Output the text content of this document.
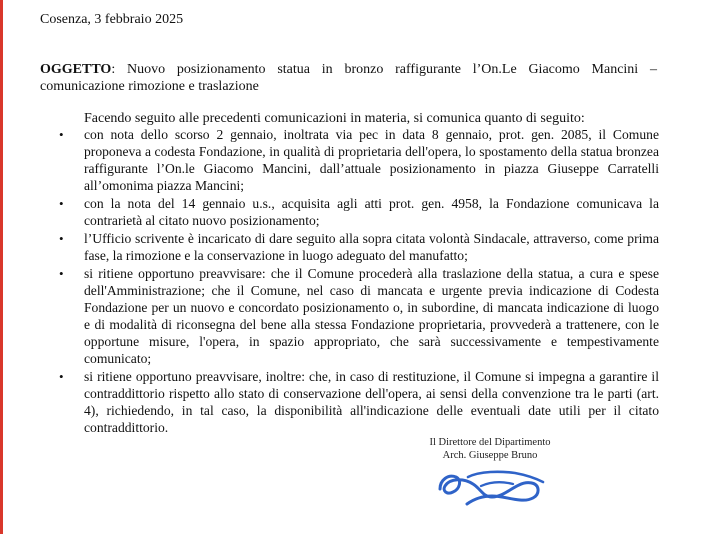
Cosenza, 3 febbraio 2025
OGGETTO: Nuovo posizionamento statua in bronzo raffigurante l’On.Le Giacomo Mancini –
comunicazione rimozione e traslazione
Facendo seguito alle precedenti comunicazioni in materia, si comunica quanto di seguito:
•	con nota dello scorso 2 gennaio, inoltrata via pec in data 8 gennaio, prot. gen. 2085, il Comune proponeva a codesta Fondazione, in qualità di proprietaria dell'opera, lo spostamento della statua bronzea raffigurante l’On.le Giacomo Mancini, dall’attuale posizionamento in piazza Giuseppe Carratelli all’omonima piazza Mancini;
•	con la nota del 14 gennaio u.s., acquisita agli atti prot. gen. 4958, la Fondazione comunicava la contrarietà al citato nuovo posizionamento;
•	l’Ufficio scrivente è incaricato di dare seguito alla sopra citata volontà Sindacale, attraverso, come prima fase, la rimozione e la conservazione in luogo adeguato del manufatto;
•	si ritiene opportuno preavvisare: che il Comune procederà alla traslazione della statua, a cura e spese dell'Amministrazione; che il Comune, nel caso di mancata e urgente previa indicazione di Codesta Fondazione per un nuovo e concordato posizionamento o, in subordine, di mancata indicazione di luogo e di modalità di riconsegna del bene alla stessa Fondazione proprietaria, provvederà a trattenere, con le opportune misure, l'opera, in spazio appropriato, che sarà successivamente e tempestivamente comunicato;
•	si ritiene opportuno preavvisare, inoltre: che, in caso di restituzione, il Comune si impegna a garantire il contraddittorio rispetto allo stato di conservazione dell'opera, ai sensi della convenzione tra le parti (art. 4), richiedendo, in tal caso, la disponibilità all'indicazione delle eventuali date utili per il citato contraddittorio.
Il Direttore del Dipartimento
Arch. Giuseppe Bruno
